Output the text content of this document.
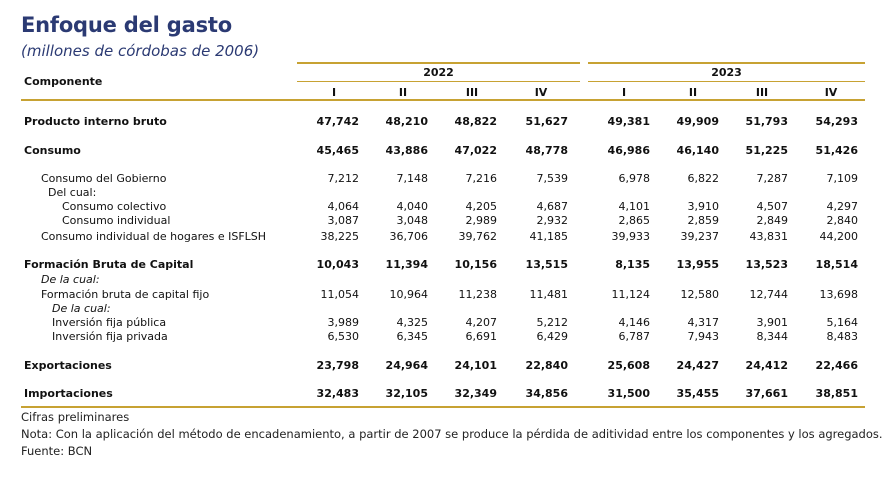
Enfoque del gasto
(millones de córdobas de 2006)
Componente
2022	2023
I	II	III	IV	I	II	III	IV
Producto interno bruto	47,742	48,210	48,822	51,627	49,381	49,909	51,793	54,293
Consumo	45,465	43,886	47,022	48,778	46,986	46,140	51,225	51,426
Consumo del Gobierno	7,212	7,148	7,216	7,539	6,978	6,822	7,287	7,109
Del cual:
Consumo colectivo	4,064	4,040	4,205	4,687	4,101	3,910	4,507	4,297
Consumo individual	3,087	3,048	2,989	2,932	2,865	2,859	2,849	2,840
Consumo individual de hogares e ISFLSH	38,225	36,706	39,762	41,185	39,933	39,237	43,831	44,200
Formación Bruta de Capital	10,043	11,394	10,156	13,515	8,135	13,955	13,523	18,514
De la cual:
Formación bruta de capital fijo	11,054	10,964	11,238	11,481	11,124	12,580	12,744	13,698
De la cual:
Inversión fija pública	3,989	4,325	4,207	5,212	4,146	4,317	3,901	5,164
Inversión fija privada	6,530	6,345	6,691	6,429	6,787	7,943	8,344	8,483
Exportaciones	23,798	24,964	24,101	22,840	25,608	24,427	24,412	22,466
Importaciones	32,483	32,105	32,349	34,856	31,500	35,455	37,661	38,851
Cifras preliminares
Nota: Con la aplicación del método de encadenamiento, a partir de 2007 se produce la pérdida de aditividad entre los componentes y los agregados.
Fuente: BCN
